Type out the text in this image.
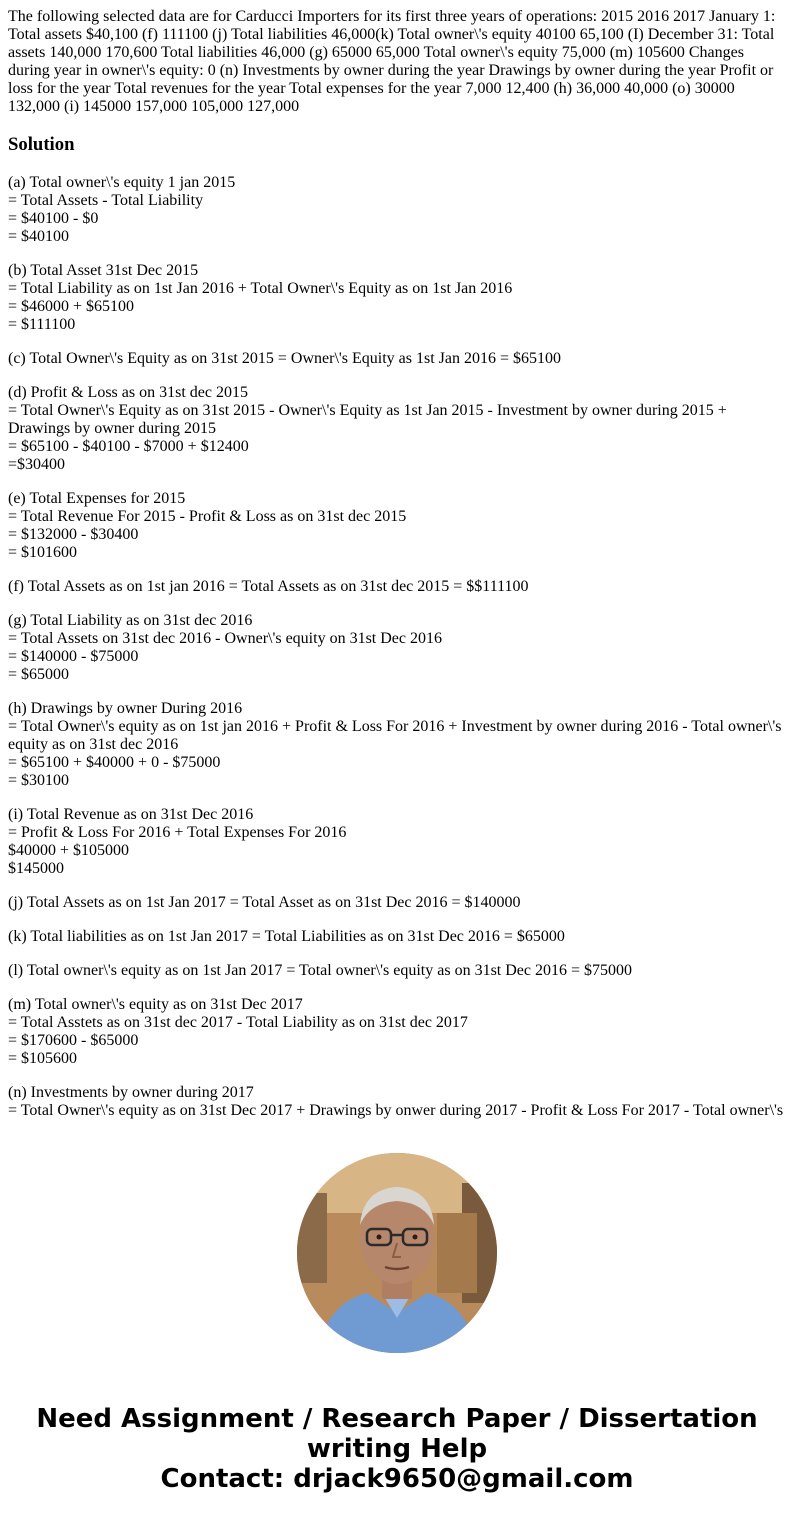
The following selected data are for Carducci Importers for its first three years of operations: 2015 2016 2017 January 1: Total assets $40,100 (f) 111100 (j) Total liabilities 46,000(k) Total owner\'s equity 40100 65,100 (I) December 31: Total assets 140,000 170,600 Total liabilities 46,000 (g) 65000 65,000 Total owner\'s equity 75,000 (m) 105600 Changes during year in owner\'s equity: 0 (n) Investments by owner during the year Drawings by owner during the year Profit or loss for the year Total revenues for the year Total expenses for the year 7,000 12,400 (h) 36,000 40,000 (o) 30000 132,000 (i) 145000 157,000 105,000 127,000

Solution
(a) Total owner\'s equity 1 jan 2015
= Total Assets - Total Liability
= $40100 - $0
= $40100
(b) Total Asset 31st Dec 2015
= Total Liability as on 1st Jan 2016 + Total Owner\'s Equity as on 1st Jan 2016
= $46000 + $65100
= $111100
(c) Total Owner\'s Equity as on 31st 2015 = Owner\'s Equity as 1st Jan 2016 = $65100
(d) Profit & Loss as on 31st dec 2015
= Total Owner\'s Equity as on 31st 2015 - Owner\'s Equity as 1st Jan 2015 - Investment by owner during 2015 + Drawings by owner during 2015
= $65100 - $40100 - $7000 + $12400
=$30400
(e) Total Expenses for 2015
= Total Revenue For 2015 - Profit & Loss as on 31st dec 2015
= $132000 - $30400
= $101600
(f) Total Assets as on 1st jan 2016 = Total Assets as on 31st dec 2015 = $$111100
(g) Total Liability as on 31st dec 2016
= Total Assets on 31st dec 2016 - Owner\'s equity on 31st Dec 2016
= $140000 - $75000
= $65000
(h) Drawings by owner During 2016
= Total Owner\'s equity as on 1st jan 2016 + Profit & Loss For 2016 + Investment by owner during 2016 - Total owner\'s equity as on 31st dec 2016
= $65100 + $40000 + 0 - $75000
= $30100
(i) Total Revenue as on 31st Dec 2016
= Profit & Loss For 2016 + Total Expenses For 2016
$40000 + $105000
$145000
(j) Total Assets as on 1st Jan 2017 = Total Asset as on 31st Dec 2016 = $140000
(k) Total liabilities as on 1st Jan 2017 = Total Liabilities as on 31st Dec 2016 = $65000
(l) Total owner\'s equity as on 1st Jan 2017 = Total owner\'s equity as on 31st Dec 2016 = $75000
(m) Total owner\'s equity as on 31st Dec 2017
= Total Asstets as on 31st dec 2017 - Total Liability as on 31st dec 2017
= $170600 - $65000
= $105600
(n) Investments by owner during 2017
= Total Owner\'s equity as on 31st Dec 2017 + Drawings by onwer during 2017 - Profit & Loss For 2017 - Total owner\'s
Need Assignment / Research Paper / Dissertation
writing Help
Contact: drjack9650@gmail.com
